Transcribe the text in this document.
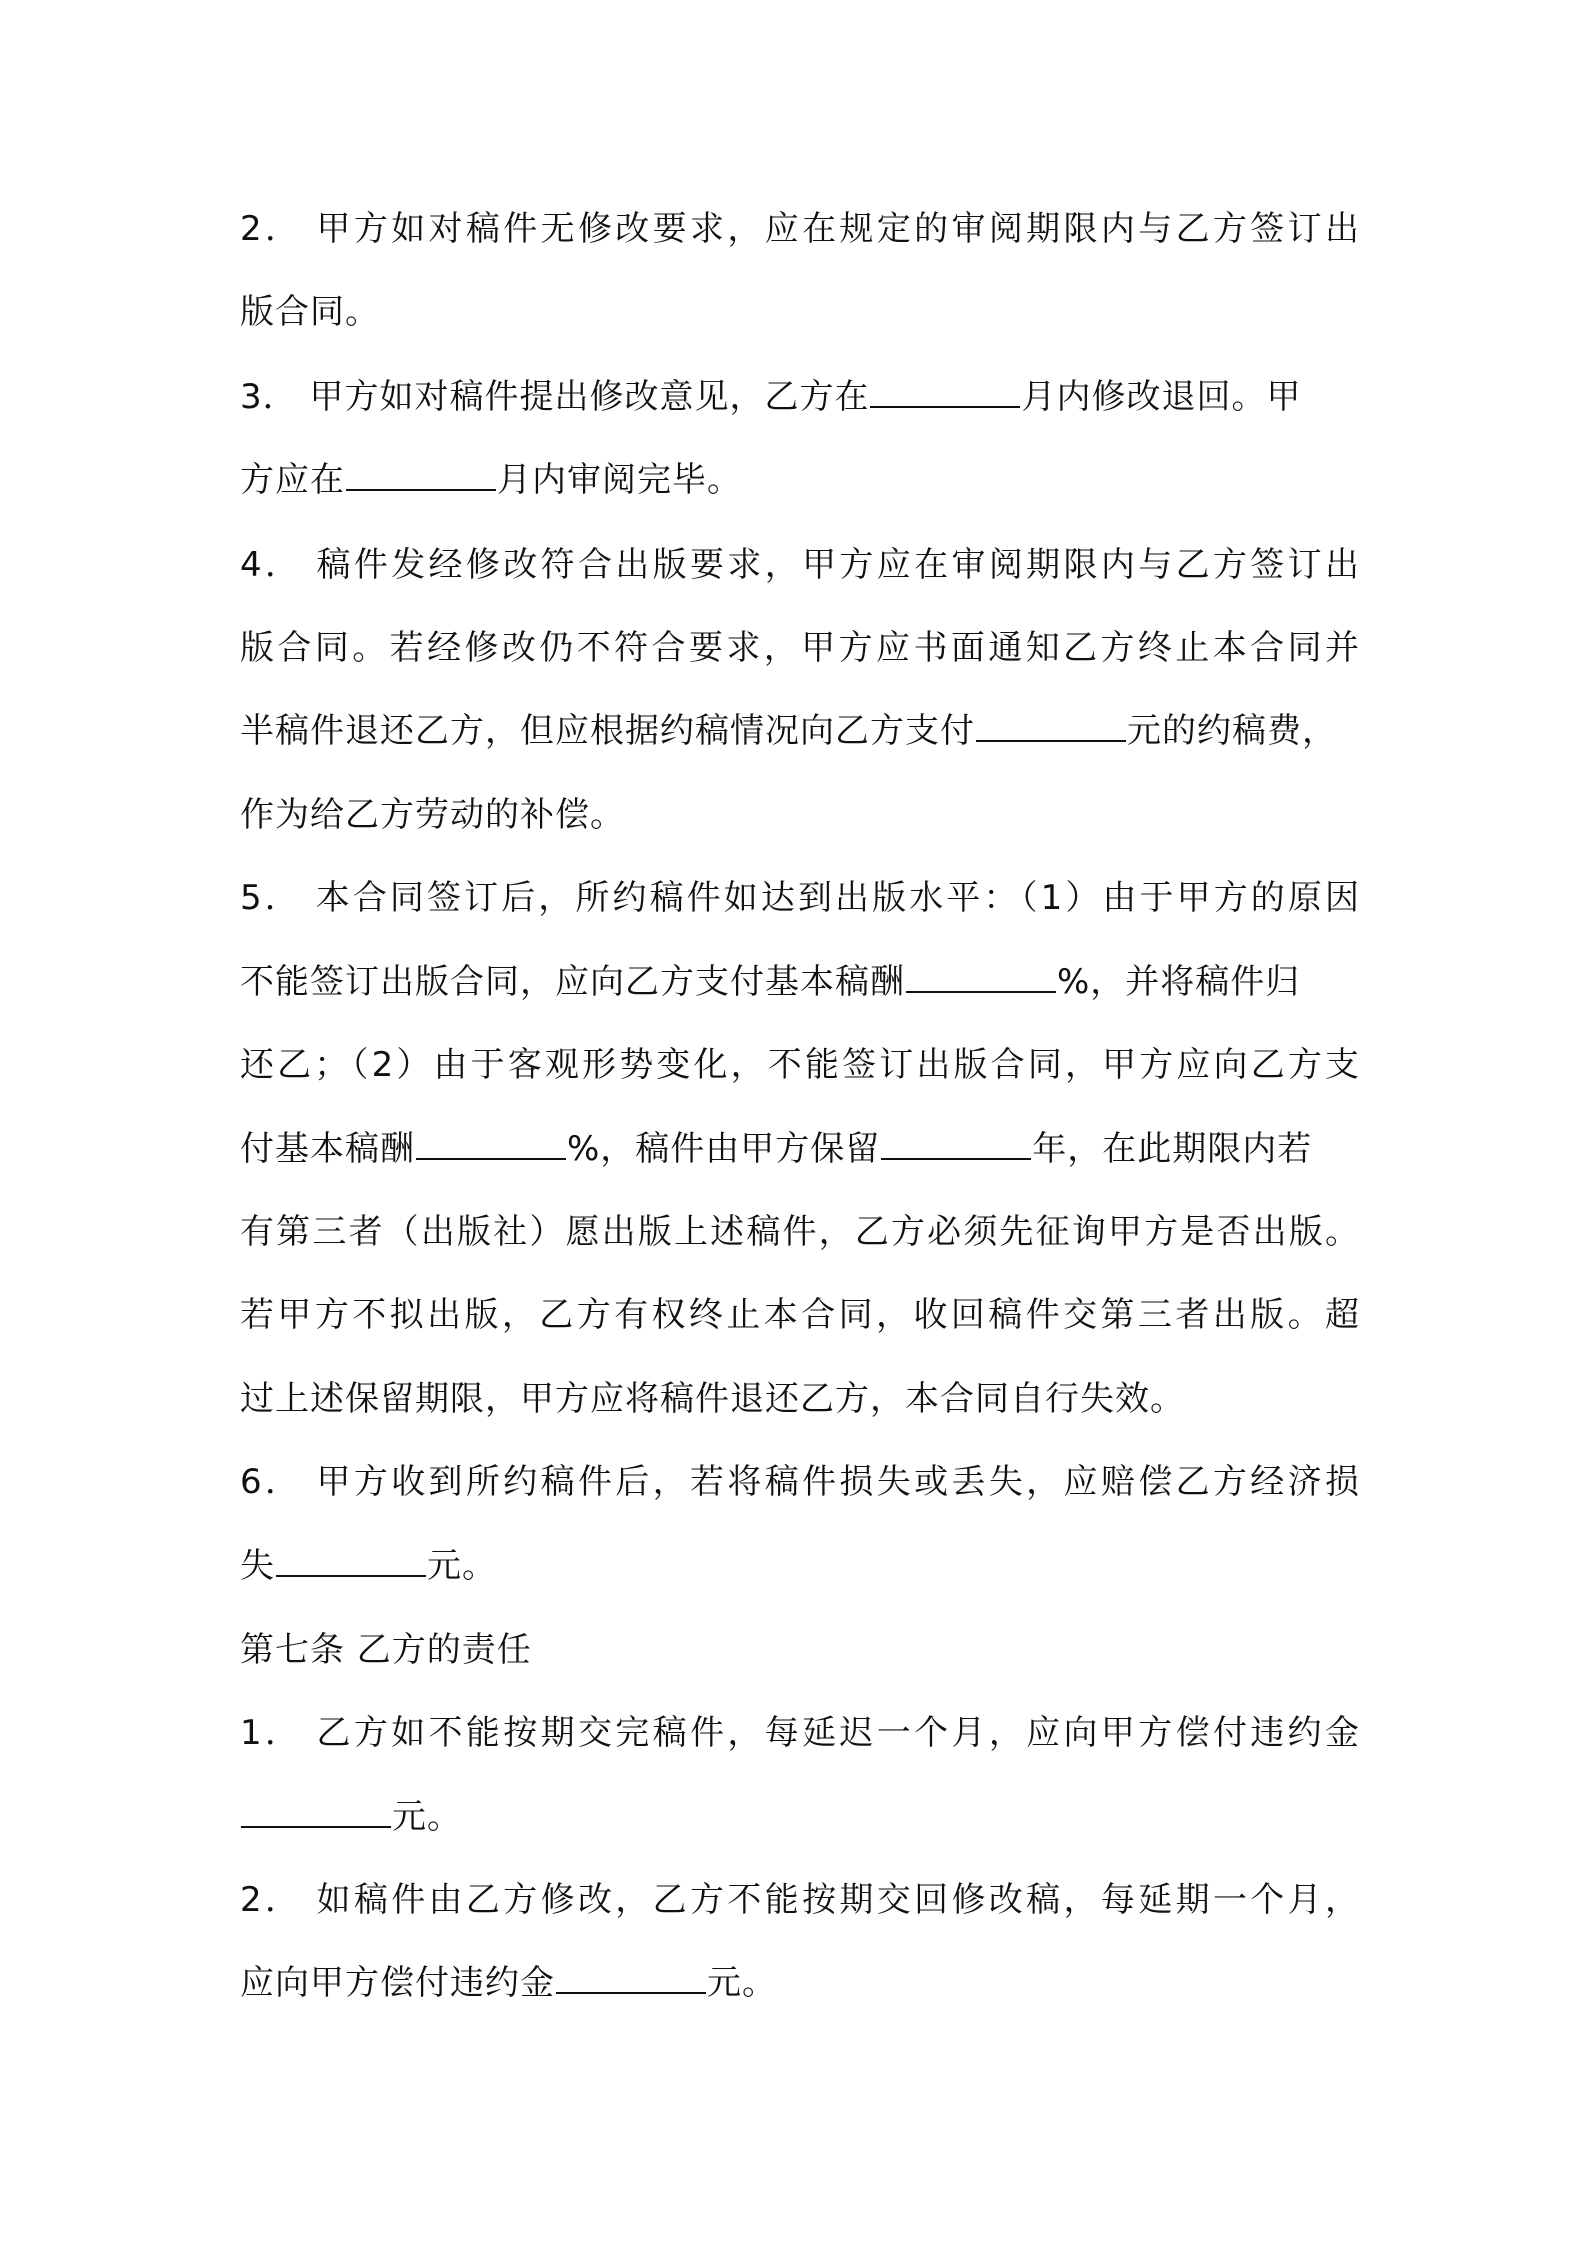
2． 甲方如对稿件无修改要求，应在规定的审阅期限内与乙方签订出
版合同。
3． 甲方如对稿件提出修改意见，乙方在	月内修改退回。甲
方应在	月内审阅完毕。
4． 稿件发经修改符合出版要求，甲方应在审阅期限内与乙方签订出
版合同。若经修改仍不符合要求，甲方应书面通知乙方终止本合同并
半稿件退还乙方，但应根据约稿情况向乙方支付	元的约稿费，
作为给乙方劳动的补偿。
5． 本合同签订后，所约稿件如达到出版水平：（1）由于甲方的原因
不能签订出版合同，应向乙方支付基本稿酬	%，并将稿件归
还乙；（2）由于客观形势变化，不能签订出版合同，甲方应向乙方支
付基本稿酬	%，稿件由甲方保留	年，在此期限内若
有第三者（出版社）愿出版上述稿件，乙方必须先征询甲方是否出版。
若甲方不拟出版，乙方有权终止本合同，收回稿件交第三者出版。超
过上述保留期限，甲方应将稿件退还乙方，本合同自行失效。
6． 甲方收到所约稿件后，若将稿件损失或丢失，应赔偿乙方经济损
失	元。
第七条 乙方的责任
1． 乙方如不能按期交完稿件，每延迟一个月，应向甲方偿付违约金
元。
2． 如稿件由乙方修改，乙方不能按期交回修改稿，每延期一个月，
应向甲方偿付违约金	元。
